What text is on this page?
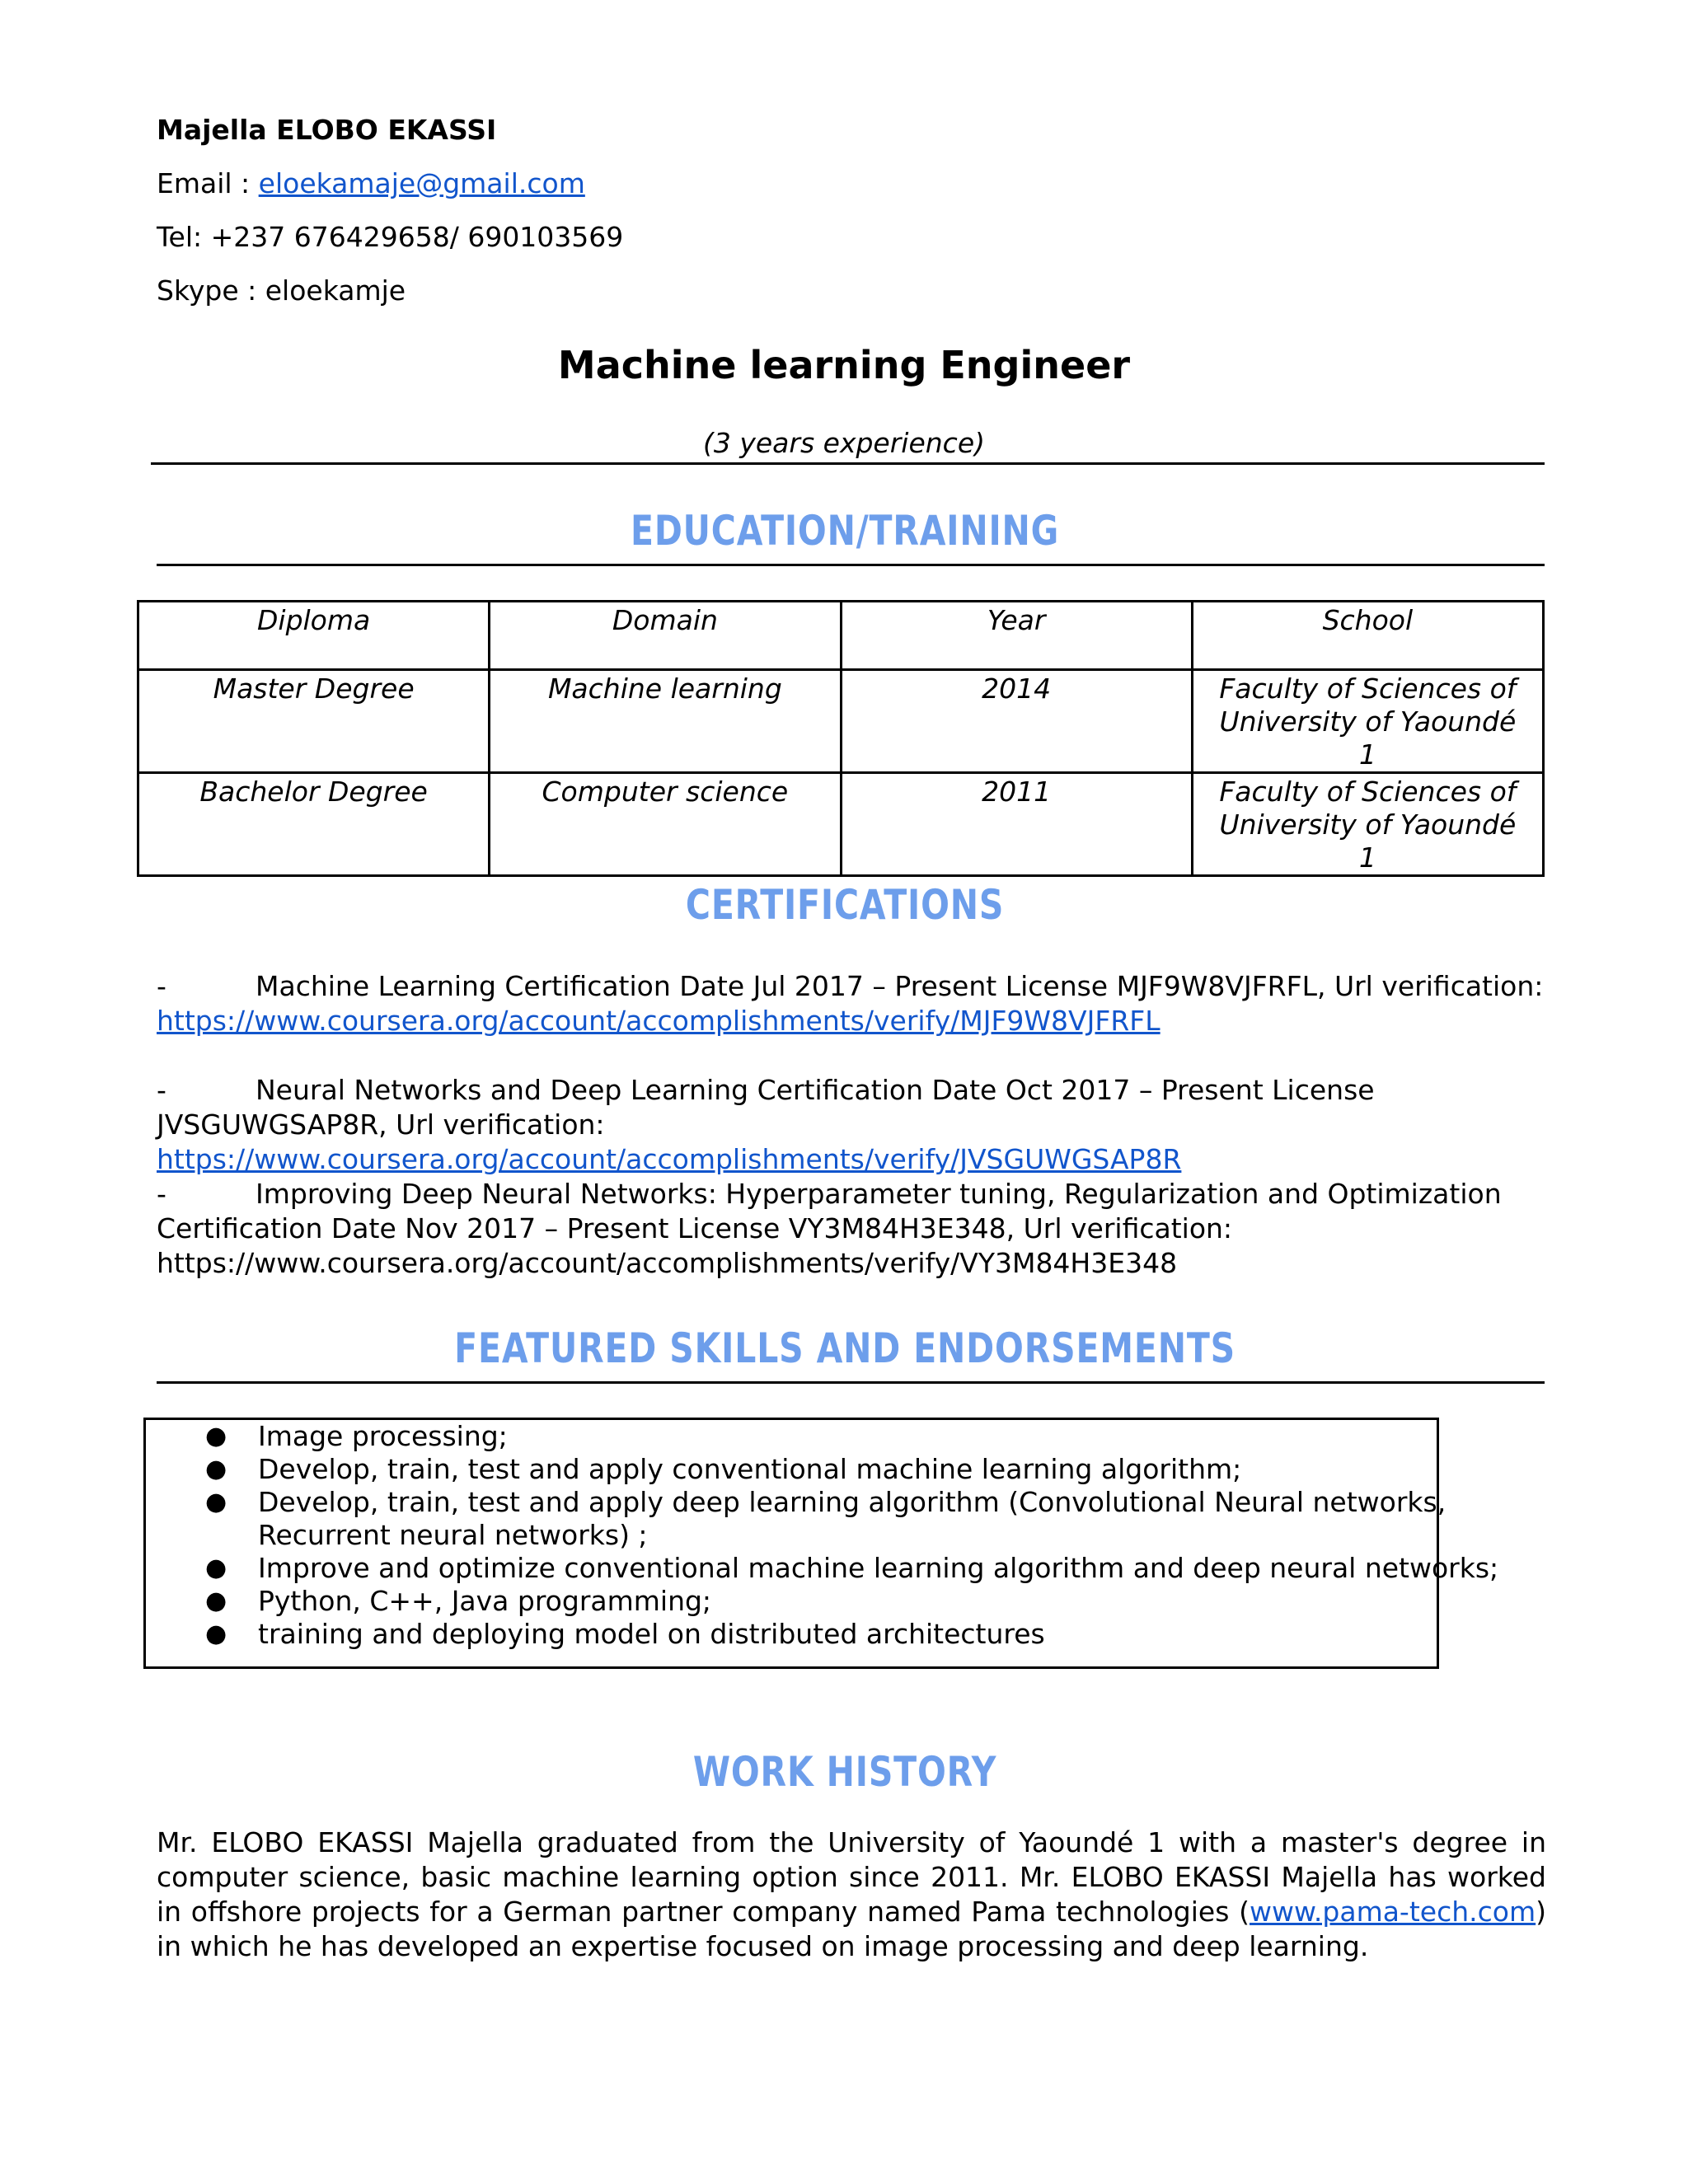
Majella ELOBO EKASSI
Email : eloekamaje@gmail.com
Tel: +237 676429658/ 690103569
Skype : eloekamje
Machine learning Engineer
(3 years experience)
EDUCATION/TRAINING
Diploma	Domain	Year	School
Master Degree	Machine learning	2014	Faculty of Sciences of University of Yaoundé 1
Bachelor Degree	Computer science	2011	Faculty of Sciences of University of Yaoundé 1
CERTIFICATIONS
-	Machine Learning Certification Date Jul 2017 – Present License MJF9W8VJFRFL, Url verification: https://www.coursera.org/account/accomplishments/verify/MJF9W8VJFRFL
-	Neural Networks and Deep Learning Certification Date Oct 2017 – Present License JVSGUWGSAP8R, Url verification: https://www.coursera.org/account/accomplishments/verify/JVSGUWGSAP8R
-	Improving Deep Neural Networks: Hyperparameter tuning, Regularization and Optimization Certification Date Nov 2017 – Present License VY3M84H3E348, Url verification: https://www.coursera.org/account/accomplishments/verify/VY3M84H3E348
FEATURED SKILLS AND ENDORSEMENTS
● Image processing;
● Develop, train, test and apply conventional machine learning algorithm;
● Develop, train, test and apply deep learning algorithm (Convolutional Neural networks,
Recurrent neural networks) ;
● Improve and optimize conventional machine learning algorithm and deep neural networks;
● Python, C++, Java programming;
● training and deploying model on distributed architectures
WORK HISTORY
Mr. ELOBO EKASSI Majella graduated from the University of Yaoundé 1 with a master's degree in computer science, basic machine learning option since 2011. Mr. ELOBO EKASSI Majella has worked in offshore projects for a German partner company named Pama technologies (www.pama-tech.com) in which he has developed an expertise focused on image processing and deep learning.
